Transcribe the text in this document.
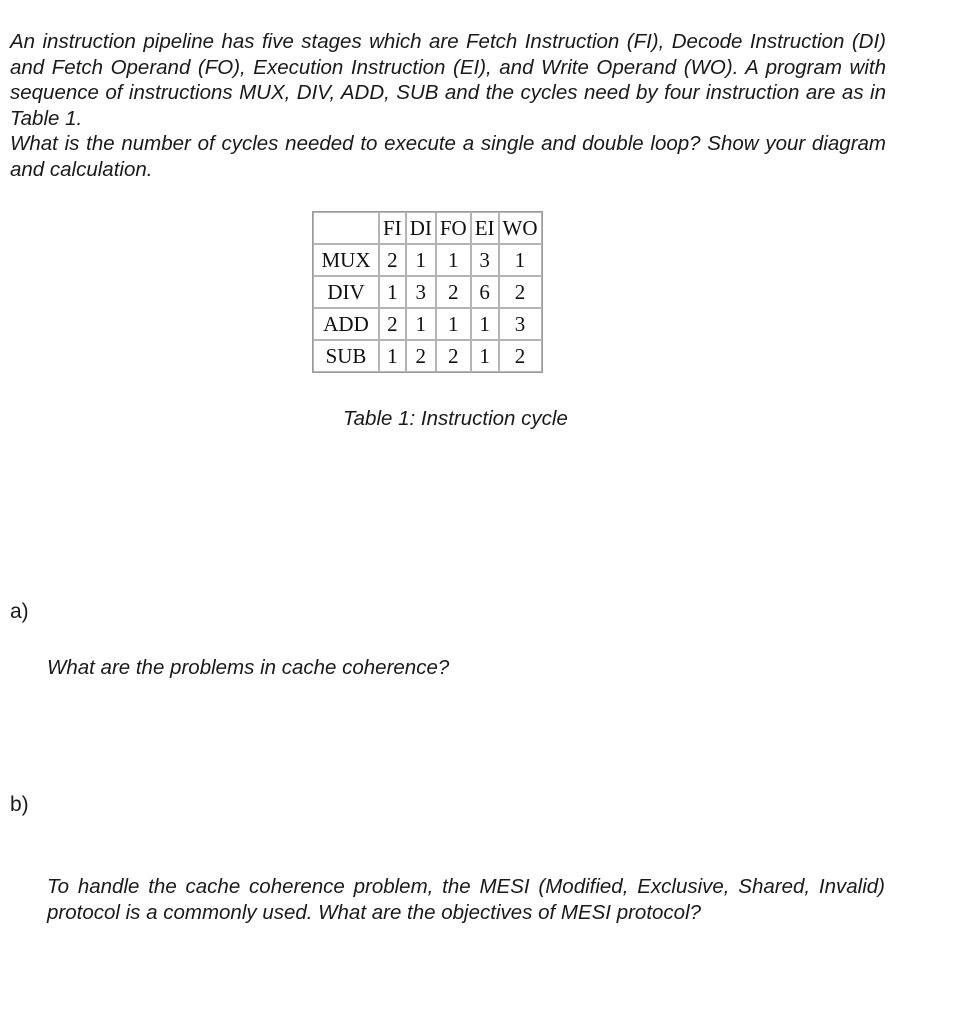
An instruction pipeline has five stages which are Fetch Instruction (FI), Decode Instruction (DI) and Fetch Operand (FO), Execution Instruction (EI), and Write Operand (WO). A program with sequence of instructions MUX, DIV, ADD, SUB and the cycles need by four instruction are as in Table 1.

What is the number of cycles needed to execute a single and double loop? Show your diagram and calculation.

	FI	DI	FO	EI	WO
MUX	2	1	1	3	1
DIV	1	3	2	6	2
ADD	2	1	1	1	3
SUB	1	2	2	1	2
Table 1: Instruction cycle
a)

What are the problems in cache coherence?

b)

To handle the cache coherence problem, the MESI (Modified, Exclusive, Shared, Invalid) protocol is a commonly used. What are the objectives of MESI protocol?
